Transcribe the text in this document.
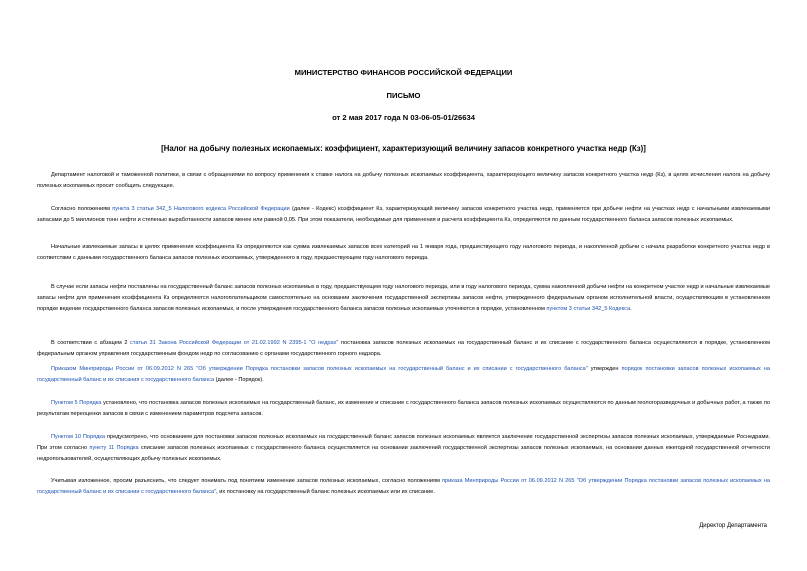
МИНИСТЕРСТВО ФИНАНСОВ РОССИЙСКОЙ ФЕДЕРАЦИИ
ПИСЬМО
от 2 мая 2017 года N 03-06-05-01/26634
[Налог на добычу полезных ископаемых: коэффициент, характеризующий величину запасов конкретного участка недр (Кз)]

Департамент налоговой и таможенной политики, в связи с обращениями по вопросу применения к ставке налога на добычу полезных ископаемых коэффициента, характеризующего величину запасов конкретного участка недр (Кз), в целях исчисления налога на добычу полезных ископаемых просит сообщить следующее.

Согласно положениям пункта 3 статьи 342_5 Налогового кодекса Российской Федерации (далее - Кодекс) коэффициент Кз, характеризующий величину запасов конкретного участка недр, применяется при добыче нефти на участках недр с начальными извлекаемыми запасами до 5 миллионов тонн нефти и степенью выработанности запасов менее или равной 0,05. При этом показатели, необходимые для применения и расчета коэффициента Кз, определяются по данным государственного баланса запасов полезных ископаемых.

Начальные извлекаемые запасы в целях применения коэффициента Кз определяются как сумма извлекаемых запасов всех категорий на 1 января года, предшествующего году налогового периода, и накопленной добычи с начала разработки конкретного участка недр в соответствии с данными государственного баланса запасов полезных ископаемых, утвержденного в году, предшествующем году налогового периода.

В случае если запасы нефти поставлены на государственный баланс запасов полезных ископаемых в году, предшествующем году налогового периода, или в году налогового периода, сумма накопленной добычи нефти на конкретном участке недр и начальные извлекаемые запасы нефти для применения коэффициента Кз определяются налогоплательщиком самостоятельно на основании заключения государственной экспертизы запасов нефти, утвержденного федеральным органом исполнительной власти, осуществляющим в установленном порядке ведение государственного баланса запасов полезных ископаемых, и после утверждения государственного баланса запасов полезных ископаемых уточняются в порядке, установленном пунктом 3 статьи 342_5 Кодекса.

В соответствии с абзацем 2 статьи 31 Закона Российской Федерации от 21.02.1992 N 2395-1 "О недрах" постановка запасов полезных ископаемых на государственный баланс и их списание с государственного баланса осуществляются в порядке, установленном федеральным органом управления государственным фондом недр по согласованию с органами государственного горного надзора.

Приказом Минприроды России от 06.09.2012 N 265 "Об утверждении Порядка постановки запасов полезных ископаемых на государственный баланс и их списании с государственного баланса" утвержден порядок постановки запасов полезных ископаемых на государственный баланс и их списания с государственного баланса (далее - Порядок).

Пунктом 5 Порядка установлено, что постановка запасов полезных ископаемых на государственный баланс, их изменение и списание с государственного баланса запасов полезных ископаемых осуществляются по данным геологоразведочных и добычных работ, а также по результатам переоценки запасов в связи с изменением параметров подсчета запасов.

Пунктом 10 Порядка предусмотрено, что основанием для постановки запасов полезных ископаемых на государственный баланс запасов полезных ископаемых является заключение государственной экспертизы запасов полезных ископаемых, утверждаемые Роснедрами. При этом согласно пункту 11 Порядка списание запасов полезных ископаемых с государственного баланса осуществляется на основании заключений государственной экспертизы запасов полезных ископаемых, на основании данных ежегодной государственной отчетности недропользователей, осуществляющих добычу полезных ископаемых.

Учитывая изложенное, просим разъяснить, что следует понимать под понятием изменение запасов полезных ископаемых, согласно положениям приказа Минприроды России от 06.09.2012 N 265 "Об утверждении Порядка постановки запасов полезных ископаемых на государственный баланс и их списании с государственного баланса", их постановку на государственный баланс полезных ископаемых или их списание.

Директор Департамента
